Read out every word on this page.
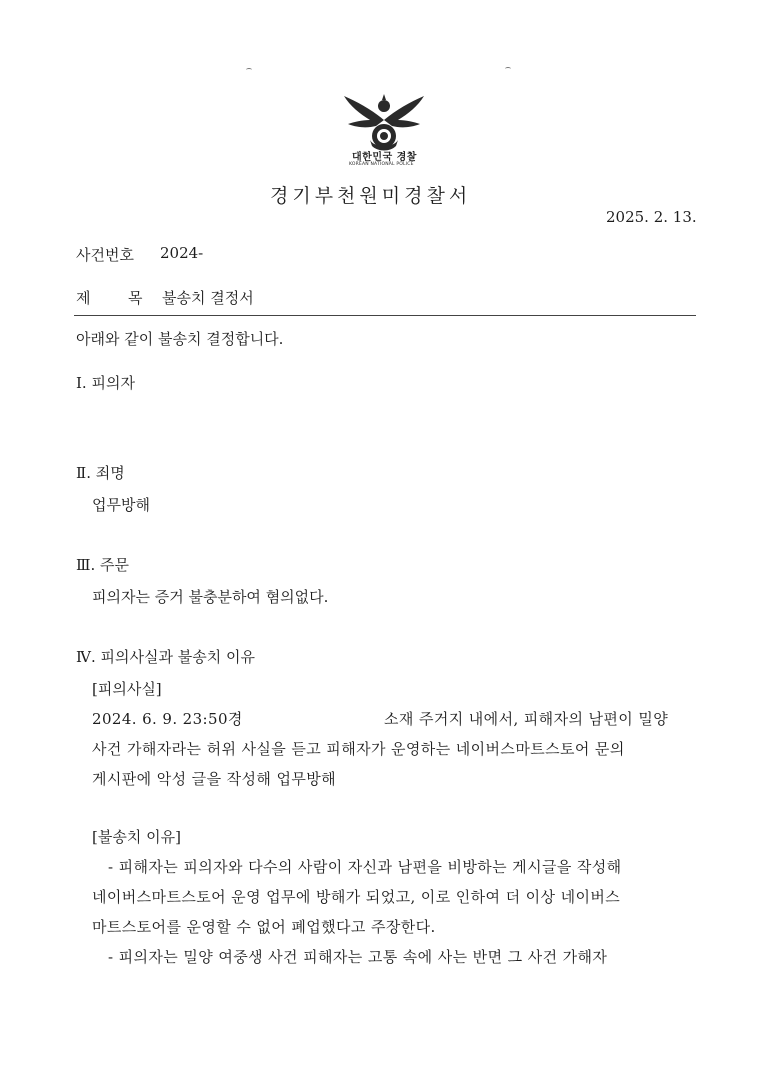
대한민국 경찰
KOREAN NATIONAL POLICE
경기부천원미경찰서
2025. 2. 13.
사건번호 2024-
제	목 불송치 결정서
아래와 같이 불송치 결정합니다.
Ⅰ. 피의자
Ⅱ. 죄명
업무방해
Ⅲ. 주문
피의자는 증거 불충분하여 혐의없다.
Ⅳ. 피의사실과 불송치 이유
[피의사실]
2024. 6. 9. 23:50경	소재 주거지 내에서, 피해자의 남편이 밀양
사건 가해자라는 허위 사실을 듣고 피해자가 운영하는 네이버스마트스토어 문의
게시판에 악성 글을 작성해 업무방해
[불송치 이유]
- 피해자는 피의자와 다수의 사람이 자신과 남편을 비방하는 게시글을 작성해
네이버스마트스토어 운영 업무에 방해가 되었고, 이로 인하여 더 이상 네이버스
마트스토어를 운영할 수 없어 폐업했다고 주장한다.
- 피의자는 밀양 여중생 사건 피해자는 고통 속에 사는 반면 그 사건 가해자
